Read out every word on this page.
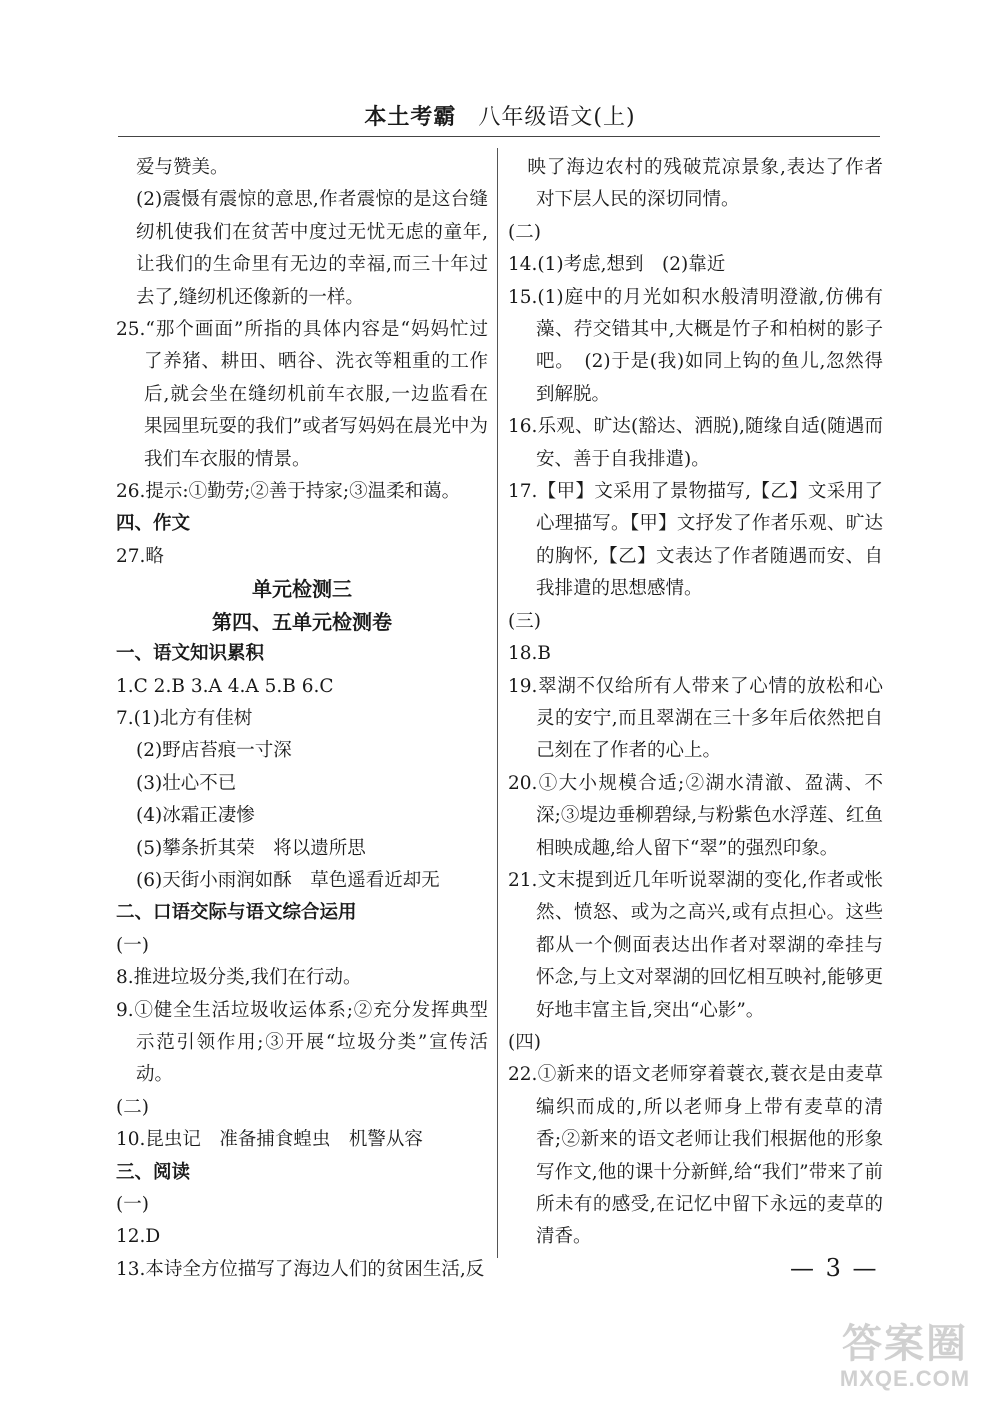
本土考霸 八年级语文(上)

爱与赞美。

(2)震慑有震惊的意思,作者震惊的是这台缝纫机使我们在贫苦中度过无忧无虑的童年,让我们的生命里有无边的幸福,而三十年过去了,缝纫机还像新的一样。

25.“那个画面”所指的具体内容是“妈妈忙过了养猪、耕田、晒谷、洗衣等粗重的工作后,就会坐在缝纫机前车衣服,一边监看在果园里玩耍的我们”或者写妈妈在晨光中为我们车衣服的情景。

26.提示:①勤劳;②善于持家;③温柔和蔼。

四、作文

27.略

单元检测三

第四、五单元检测卷

一、语文知识累积

1.C 2.B 3.A 4.A 5.B 6.C

7.(1)北方有佳树

(2)野店苔痕一寸深

(3)壮心不已

(4)冰霜正凄惨

(5)攀条折其荣　将以遗所思

(6)天街小雨润如酥　草色遥看近却无

二、口语交际与语文综合运用

(一)

8.推进垃圾分类,我们在行动。

9.①健全生活垃圾收运体系;②充分发挥典型示范引领作用;③开展“垃圾分类”宣传活动。

(二)

10.昆虫记　准备捕食蝗虫　机警从容

三、阅读

(一)

12.D

13.本诗全方位描写了海边人们的贫困生活,反

　映了海边农村的残破荒凉景象,表达了作者对下层人民的深切同情。

(二)

14.(1)考虑,想到　(2)靠近

15.(1)庭中的月光如积水般清明澄澈,仿佛有藻、荇交错其中,大概是竹子和柏树的影子吧。　(2)于是(我)如同上钩的鱼儿,忽然得到解脱。

16.乐观、旷达(豁达、洒脱),随缘自适(随遇而安、善于自我排遣)。

17.【甲】文采用了景物描写,【乙】文采用了心理描写。【甲】文抒发了作者乐观、旷达的胸怀,【乙】文表达了作者随遇而安、自我排遣的思想感情。

(三)

18.B

19.翠湖不仅给所有人带来了心情的放松和心灵的安宁,而且翠湖在三十多年后依然把自己刻在了作者的心上。

20.①大小规模合适;②湖水清澈、盈满、不深;③堤边垂柳碧绿,与粉紫色水浮莲、红鱼相映成趣,给人留下“翠”的强烈印象。

21.文末提到近几年听说翠湖的变化,作者或怅然、愤怒、或为之高兴,或有点担心。这些都从一个侧面表达出作者对翠湖的牵挂与怀念,与上文对翠湖的回忆相互映衬,能够更好地丰富主旨,突出“心影”。

(四)

22.①新来的语文老师穿着蓑衣,蓑衣是由麦草编织而成的,所以老师身上带有麦草的清香;②新来的语文老师让我们根据他的形象写作文,他的课十分新鲜,给“我们”带来了前所未有的感受,在记忆中留下永远的麦草的清香。

— 3 —
答案圈
MXQE.COM
